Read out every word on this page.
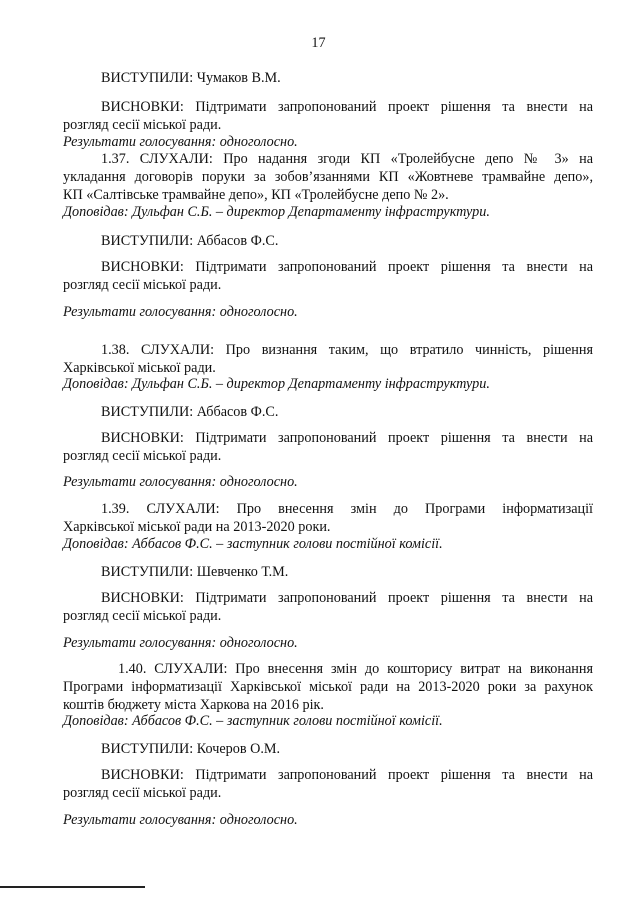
17
ВИСТУПИЛИ: Чумаков В.М.
ВИСНОВКИ: Підтримати запропонований проект рішення та внести на
розгляд сесії міської ради.
Результати голосування: одноголосно.
1.37. СЛУХАЛИ: Про надання згоди КП «Тролейбусне депо № 3» на
укладання договорів поруки за зобов’язаннями КП «Жовтневе трамвайне депо»,
КП «Салтівське трамвайне депо», КП «Тролейбусне депо № 2».
Доповідав: Дульфан С.Б. – директор Департаменту інфраструктури.
ВИСТУПИЛИ: Аббасов Ф.С.
ВИСНОВКИ: Підтримати запропонований проект рішення та внести на
розгляд сесії міської ради.
Результати голосування: одноголосно.
1.38. СЛУХАЛИ: Про визнання таким, що втратило чинність, рішення
Харківської міської ради.
Доповідав: Дульфан С.Б. – директор Департаменту інфраструктури.
ВИСТУПИЛИ: Аббасов Ф.С.
ВИСНОВКИ: Підтримати запропонований проект рішення та внести на
розгляд сесії міської ради.
Результати голосування: одноголосно.
1.39. СЛУХАЛИ: Про внесення змін до Програми інформатизації
Харківської міської ради на 2013-2020 роки.
Доповідав: Аббасов Ф.С. – заступник голови постійної комісії.
ВИСТУПИЛИ: Шевченко Т.М.
ВИСНОВКИ: Підтримати запропонований проект рішення та внести на
розгляд сесії міської ради.
Результати голосування: одноголосно.
1.40. СЛУХАЛИ: Про внесення змін до кошторису витрат на виконання
Програми інформатизації Харківської міської ради на 2013-2020 роки за рахунок
коштів бюджету міста Харкова на 2016 рік.
Доповідав: Аббасов Ф.С. – заступник голови постійної комісії.
ВИСТУПИЛИ: Кочеров О.М.
ВИСНОВКИ: Підтримати запропонований проект рішення та внести на
розгляд сесії міської ради.
Результати голосування: одноголосно.
